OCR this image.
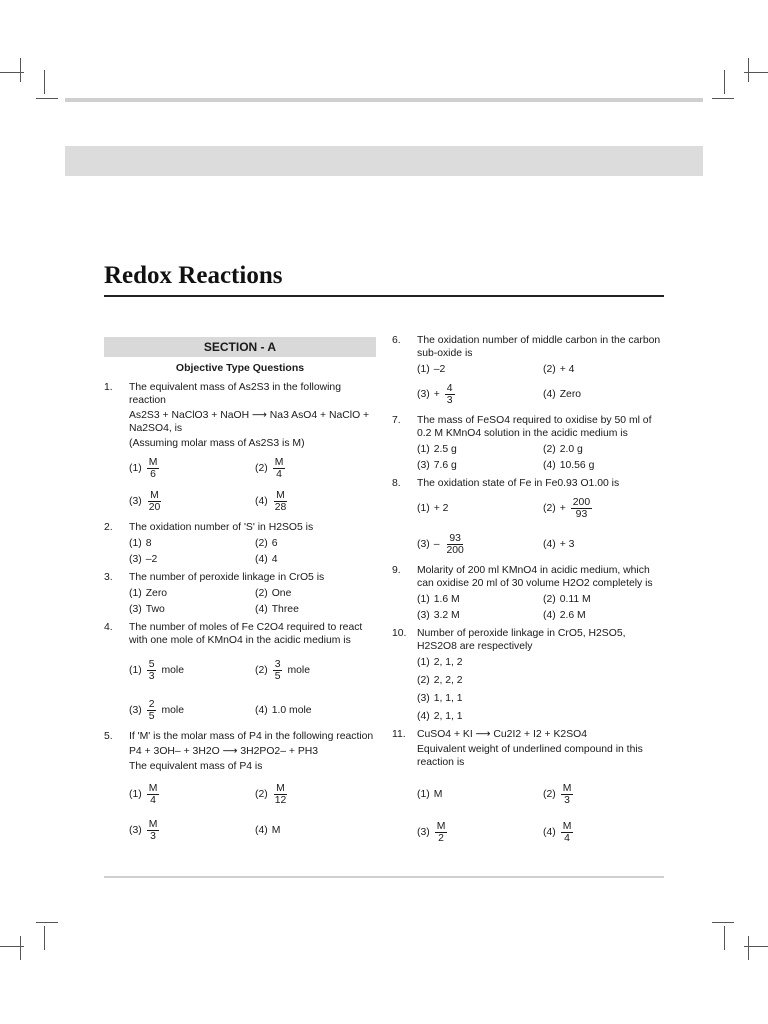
Redox Reactions
SECTION - A
Objective Type Questions
1.	The equivalent mass of As2S3 in the following reaction
As2S3 + NaClO3 + NaOH ⟶ Na3 AsO4 + NaClO + Na2SO4, is
(Assuming molar mass of As2S3 is M)
$(1) \frac{M}{6}$	$(2) \frac{M}{4}$
$(3) \frac{M}{20}$	$(4) \frac{M}{28}$
2.	The oxidation number of 'S' in H2SO5 is
(1) 8	(2) 6
(3) –2	(4) 4
3.	The number of peroxide linkage in CrO5 is
(1) Zero	(2) One
(3) Two	(4) Three
4.	The number of moles of Fe C2O4 required to react with one mole of KMnO4 in the acidic medium is
$(1) \frac{5}{3}$ mole	$(2) \frac{3}{5}$ mole
$(3) \frac{2}{5}$ mole	(4) 1.0 mole
5.	If 'M' is the molar mass of P4 in the following reaction
P4 + 3OH– + 3H2O ⟶ 3H2PO2– + PH3
The equivalent mass of P4 is
$(1) \frac{M}{4}$	$(2) \frac{M}{12}$
$(3) \frac{M}{3}$	(4) M
6.	The oxidation number of middle carbon in the carbon sub-oxide is
(1) –2	(2) + 4
$(3) + \frac{4}{3}$	(4) Zero
7.	The mass of FeSO4 required to oxidise by 50 ml of 0.2 M KMnO4 solution in the acidic medium is
(1) 2.5 g	(2) 2.0 g
(3) 7.6 g	(4) 10.56 g
8.	The oxidation state of Fe in Fe0.93 O1.00 is
(1) + 2	$(2) + \frac{200}{93}$
$(3) - \frac{93}{200}$	(4) + 3
9.	Molarity of 200 ml KMnO4 in acidic medium, which can oxidise 20 ml of 30 volume H2O2 completely is
(1) 1.6 M	(2) 0.11 M
(3) 3.2 M	(4) 2.6 M
10.	Number of peroxide linkage in CrO5, H2SO5, H2S2O8 are respectively
(1) 2, 1, 2
(2) 2, 2, 2
(3) 1, 1, 1
(4) 2, 1, 1
11.	CuSO4 + KI ⟶ Cu2I2 + I2 + K2SO4
Equivalent weight of underlined compound in this reaction is
(1) M	$(2) \frac{M}{3}$
$(3) \frac{M}{2}$	$(4) \frac{M}{4}$
